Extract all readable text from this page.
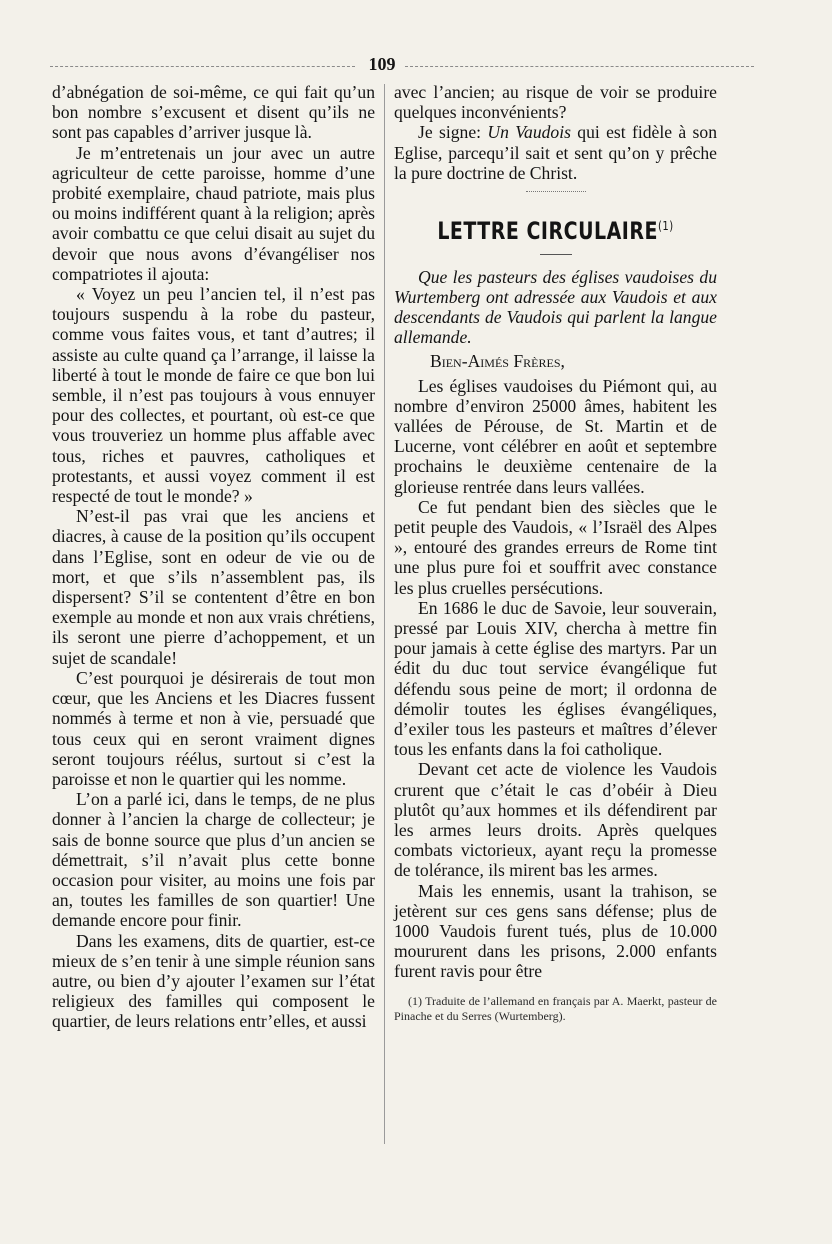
109

d’abnégation de soi-même, ce qui fait qu’un bon nombre s’excusent et disent qu’ils ne sont pas capables d’arriver jusque là.

Je m’entretenais un jour avec un autre agriculteur de cette paroisse, homme d’une probité exemplaire, chaud patriote, mais plus ou moins indifférent quant à la religion; après avoir combattu ce que celui disait au sujet du devoir que nous avons d’évangéliser nos compatriotes il ajouta:

« Voyez un peu l’ancien tel, il n’est pas toujours suspendu à la robe du pasteur, comme vous faites vous, et tant d’autres; il assiste au culte quand ça l’arrange, il laisse la liberté à tout le monde de faire ce que bon lui semble, il n’est pas toujours à vous ennuyer pour des collectes, et pourtant, où est-ce que vous trouveriez un homme plus affable avec tous, riches et pauvres, catholiques et protestants, et aussi voyez comment il est respecté de tout le monde? »

N’est-il pas vrai que les anciens et diacres, à cause de la position qu’ils occupent dans l’Eglise, sont en odeur de vie ou de mort, et que s’ils n’assemblent pas, ils dispersent? S’il se contentent d’être en bon exemple au monde et non aux vrais chrétiens, ils seront une pierre d’achoppement, et un sujet de scandale!

C’est pourquoi je désirerais de tout mon cœur, que les Anciens et les Diacres fussent nommés à terme et non à vie, persuadé que tous ceux qui en seront vraiment dignes seront toujours réélus, surtout si c’est la paroisse et non le quartier qui les nomme.

L’on a parlé ici, dans le temps, de ne plus donner à l’ancien la charge de collecteur; je sais de bonne source que plus d’un ancien se démettrait, s’il n’avait plus cette bonne occasion pour visiter, au moins une fois par an, toutes les familles de son quartier! Une demande encore pour finir.

Dans les examens, dits de quartier, est-ce mieux de s’en tenir à une simple réunion sans autre, ou bien d’y ajouter l’examen sur l’état religieux des familles qui composent le quartier, de leurs relations entr’elles, et aussi

avec l’ancien; au risque de voir se produire quelques inconvénients?

Je signe: Un Vaudois qui est fidèle à son Eglise, parcequ’il sait et sent qu’on y prêche la pure doctrine de Christ.

LETTRE CIRCULAIRE$^{(1)}$

Que les pasteurs des églises vaudoises du Wurtemberg ont adressée aux Vaudois et aux descendants de Vaudois qui parlent la langue allemande.

Bien-Aimés Frères,

Les églises vaudoises du Piémont qui, au nombre d’environ 25000 âmes, habitent les vallées de Pérouse, de St. Martin et de Lucerne, vont célébrer en août et septembre prochains le deuxième centenaire de la glorieuse rentrée dans leurs vallées.

Ce fut pendant bien des siècles que le petit peuple des Vaudois, « l’Israël des Alpes », entouré des grandes erreurs de Rome tint une plus pure foi et souffrit avec constance les plus cruelles persécutions.

En 1686 le duc de Savoie, leur souverain, pressé par Louis XIV, chercha à mettre fin pour jamais à cette église des martyrs. Par un édit du duc tout service évangélique fut défendu sous peine de mort; il ordonna de démolir toutes les églises évangéliques, d’exiler tous les pasteurs et maîtres d’élever tous les enfants dans la foi catholique.

Devant cet acte de violence les Vaudois crurent que c’était le cas d’obéir à Dieu plutôt qu’aux hommes et ils défendirent par les armes leurs droits. Après quelques combats victorieux, ayant reçu la promesse de tolérance, ils mirent bas les armes.

Mais les ennemis, usant la trahison, se jetèrent sur ces gens sans défense; plus de 1000 Vaudois furent tués, plus de 10.000 moururent dans les prisons, 2.000 enfants furent ravis pour être

(1) Traduite de l’allemand en français par A. Maerkt, pasteur de Pinache et du Serres (Wurtemberg).
